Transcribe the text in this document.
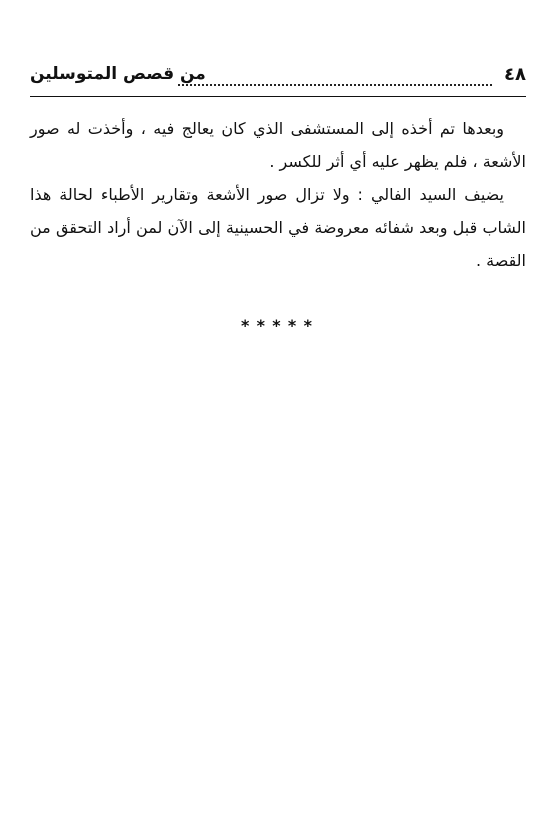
٤٨
من قصص المتوسلين

وبعدها تم أخذه إلى المستشفى الذي كان يعالج فيه ، وأخذت له صور الأشعة ، فلم يظهر عليه أي أثر للكسر .

يضيف السيد الفالي : ولا تزال صور الأشعة وتقارير الأطباء لحالة هذا الشاب قبل وبعد شفائه معروضة في الحسينية إلى الآن لمن أراد التحقق من القصة .

*****
